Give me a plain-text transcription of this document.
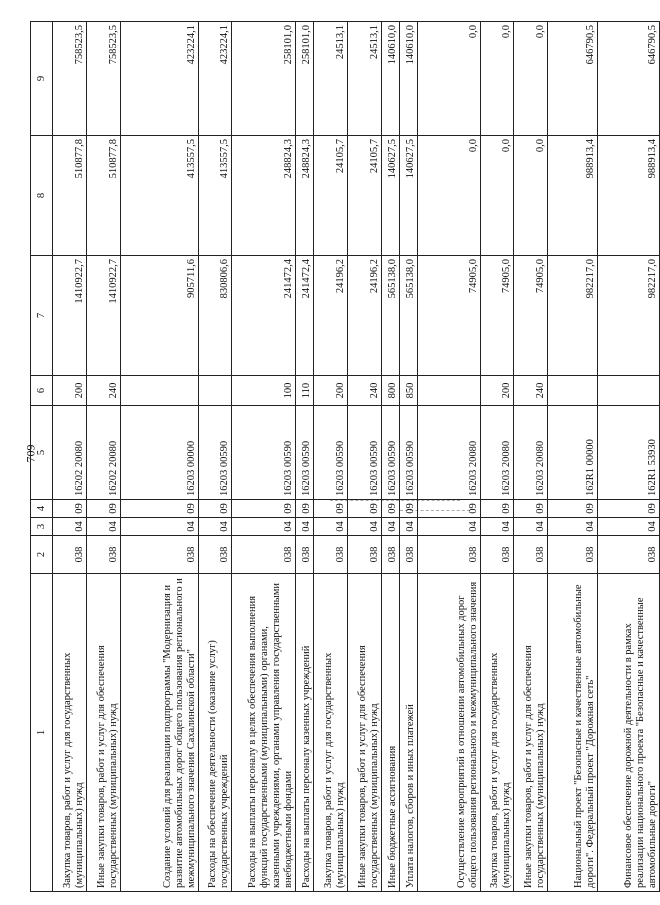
709
1	2	3	4	5	6	7	8	9
Закупка товаров, работ и услуг для государственных (муниципальных) нужд	038	04	09	16202 20080	200	1410922,7	510877,8	758523,5
Иные закупки товаров, работ и услуг для обеспечения государственных (муниципальных) нужд	038	04	09	16202 20080	240	1410922,7	510877,8	758523,5
Создание условий для реализации подпрограммы "Модернизация и развитие автомобильных дорог общего пользования регионального и межмуниципального значения Сахалинской области"	038	04	09	16203 00000		905711,6	413557,5	423224,1
Расходы на обеспечение деятельности (оказание услуг) государственных учреждений	038	04	09	16203 00590		830806,6	413557,5	423224,1
Расходы на выплаты персоналу в целях обеспечения выполнения функций государственными (муниципальными) органами, казенными учреждениями, органами управления государственными внебюджетными фондами	038	04	09	16203 00590	100	241472,4	248824,3	258101,0
Расходы на выплаты персоналу казенных учреждений	038	04	09	16203 00590	110	241472,4	248824,3	258101,0
Закупка товаров, работ и услуг для государственных (муниципальных) нужд	038	04	09	16203 00590	200	24196,2	24105,7	24513,1
Иные закупки товаров, работ и услуг для обеспечения государственных (муниципальных) нужд	038	04	09	16203 00590	240	24196,2	24105,7	24513,1
Иные бюджетные ассигнования	038	04	09	16203 00590	800	565138,0	140627,5	140610,0
Уплата налогов, сборов и иных платежей	038	04	09	16203 00590	850	565138,0	140627,5	140610,0
Осуществление мероприятий в отношении автомобильных дорог общего пользования регионального и межмуниципального значения	038	04	09	16203 20080		74905,0	0,0	0,0
Закупка товаров, работ и услуг для государственных (муниципальных) нужд	038	04	09	16203 20080	200	74905,0	0,0	0,0
Иные закупки товаров, работ и услуг для обеспечения государственных (муниципальных) нужд	038	04	09	16203 20080	240	74905,0	0,0	0,0
Национальный проект "Безопасные и качественные автомобильные дороги". Федеральный проект "Дорожная сеть"	038	04	09	162R1 00000		982217,0	988913,4	646790,5
Финансовое обеспечение дорожной деятельности в рамках реализации национального проекта "Безопасные и качественные автомобильные дороги"	038	04	09	162R1 53930		982217,0	988913,4	646790,5
